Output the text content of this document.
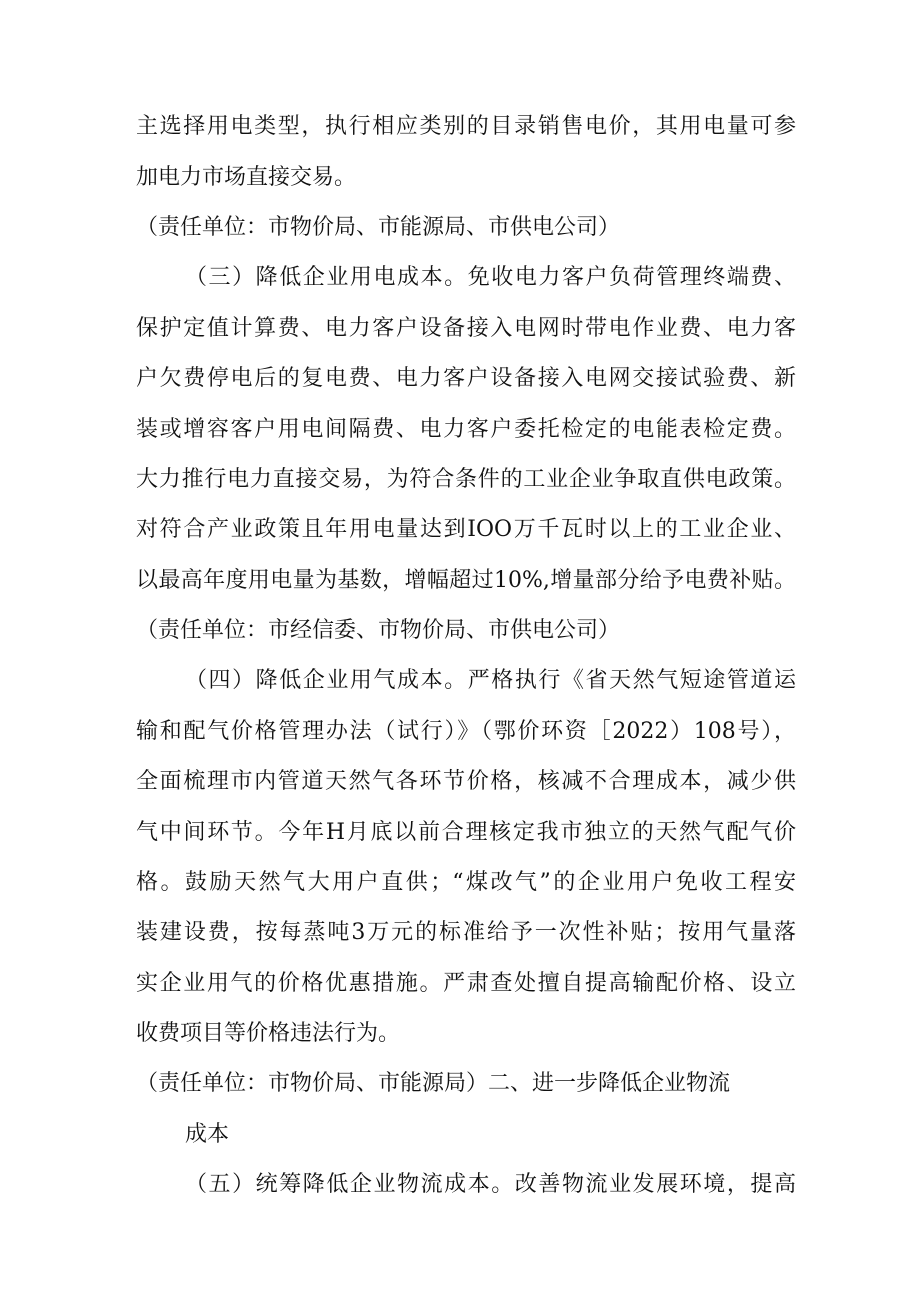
主选择用电类型，执行相应类别的目录销售电价，其用电量可参
加电力市场直接交易。
（责任单位：市物价局、市能源局、市供电公司）
（三）降低企业用电成本。免收电力客户负荷管理终端费、
保护定值计算费、电力客户设备接入电网时带电作业费、电力客
户欠费停电后的复电费、电力客户设备接入电网交接试验费、新
装或增容客户用电间隔费、电力客户委托检定的电能表检定费。
大力推行电力直接交易，为符合条件的工业企业争取直供电政策。
对符合产业政策且年用电量达到IOO万千瓦时以上的工业企业、
以最高年度用电量为基数，增幅超过10%,增量部分给予电费补贴。
（责任单位：市经信委、市物价局、市供电公司）
（四）降低企业用气成本。严格执行《省天然气短途管道运
输和配气价格管理办法（试行）》（鄂价环资［2022）108号），
全面梳理市内管道天然气各环节价格，核减不合理成本，减少供
气中间环节。今年H月底以前合理核定我市独立的天然气配气价
格。鼓励天然气大用户直供；“煤改气”的企业用户免收工程安
装建设费，按每蒸吨3万元的标准给予一次性补贴；按用气量落
实企业用气的价格优惠措施。严肃查处擅自提高输配价格、设立
收费项目等价格违法行为。
（责任单位：市物价局、市能源局）二、进一步降低企业物流
成本
（五）统筹降低企业物流成本。改善物流业发展环境，提高
